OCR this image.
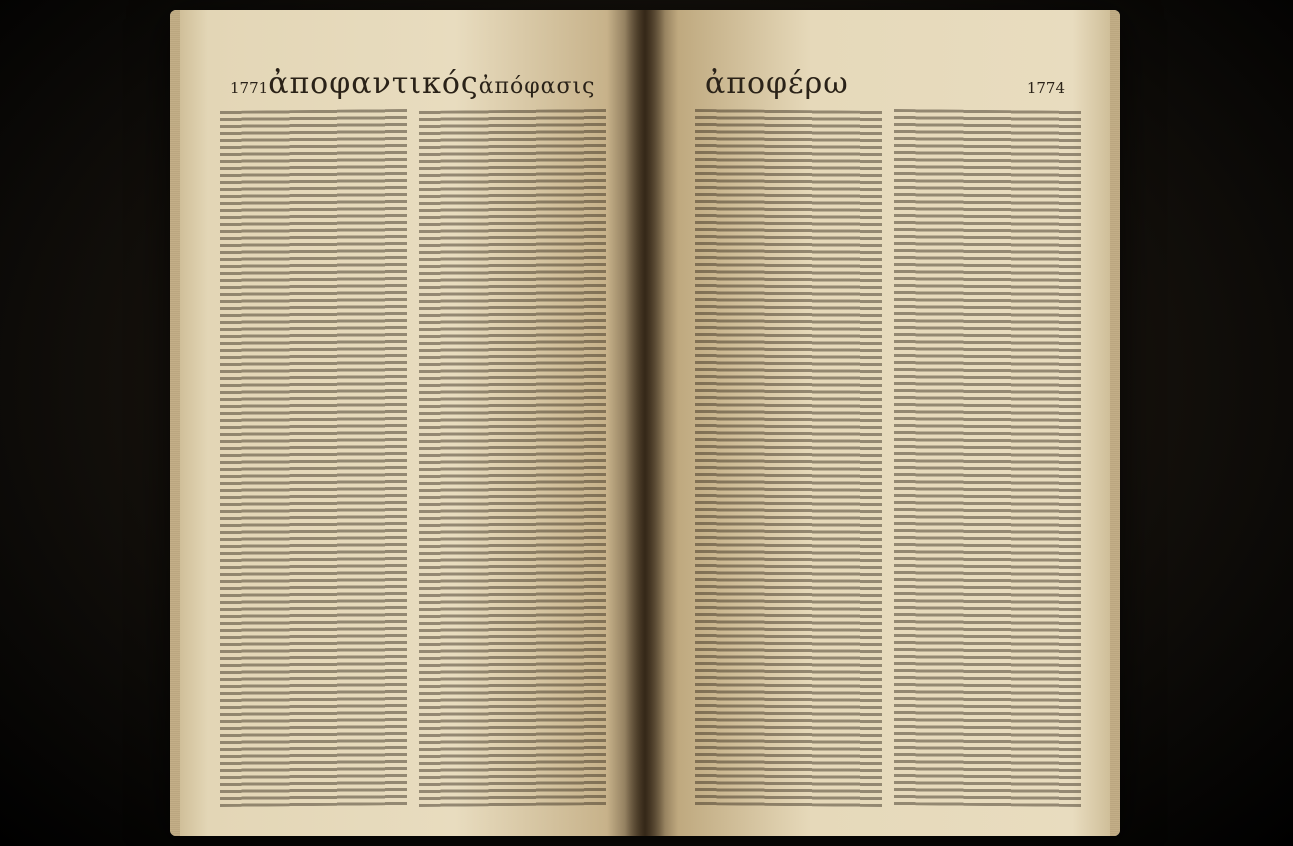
1771 ἀποφαντικός ἀπόφασις	ἀποφέρω	1774
